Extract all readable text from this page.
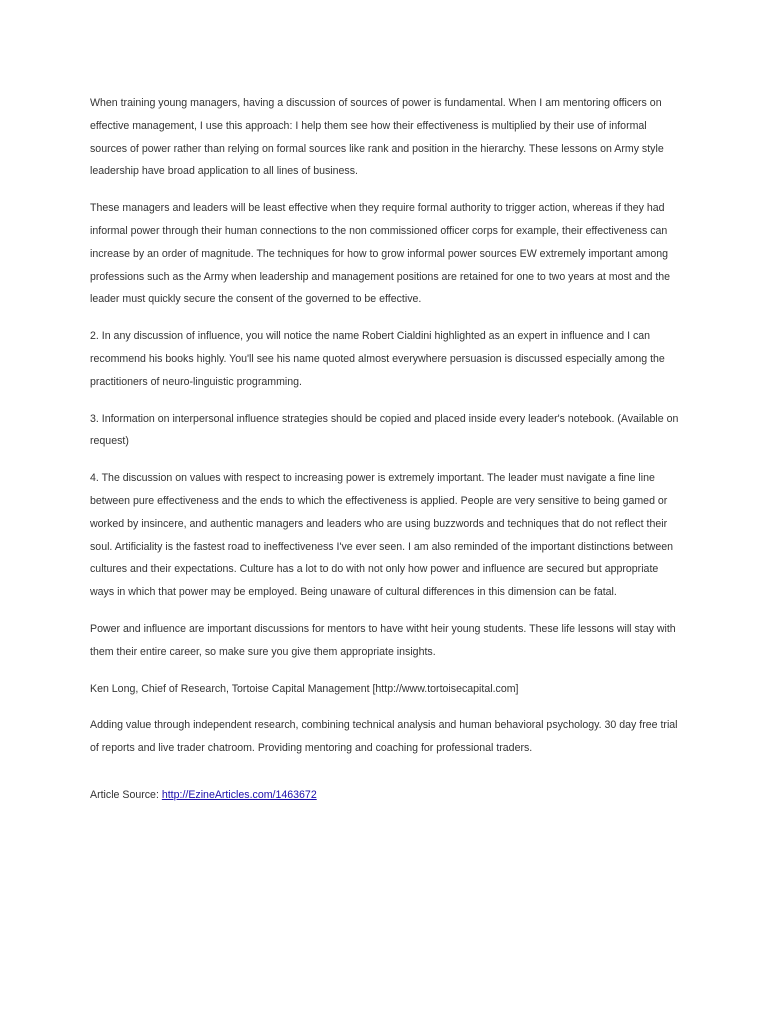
When training young managers, having a discussion of sources of power is fundamental. When I am mentoring officers on effective management, I use this approach: I help them see how their effectiveness is multiplied by their use of informal sources of power rather than relying on formal sources like rank and position in the hierarchy. These lessons on Army style leadership have broad application to all lines of business.

These managers and leaders will be least effective when they require formal authority to trigger action, whereas if they had informal power through their human connections to the non commissioned officer corps for example, their effectiveness can increase by an order of magnitude. The techniques for how to grow informal power sources EW extremely important among professions such as the Army when leadership and management positions are retained for one to two years at most and the leader must quickly secure the consent of the governed to be effective.

2. In any discussion of influence, you will notice the name Robert Cialdini highlighted as an expert in influence and I can recommend his books highly. You'll see his name quoted almost everywhere persuasion is discussed especially among the practitioners of neuro-linguistic programming.

3. Information on interpersonal influence strategies should be copied and placed inside every leader's notebook. (Available on request)

4. The discussion on values with respect to increasing power is extremely important. The leader must navigate a fine line between pure effectiveness and the ends to which the effectiveness is applied. People are very sensitive to being gamed or worked by insincere, and authentic managers and leaders who are using buzzwords and techniques that do not reflect their soul. Artificiality is the fastest road to ineffectiveness I've ever seen. I am also reminded of the important distinctions between cultures and their expectations. Culture has a lot to do with not only how power and influence are secured but appropriate ways in which that power may be employed. Being unaware of cultural differences in this dimension can be fatal.

Power and influence are important discussions for mentors to have witht heir young students. These life lessons will stay with them their entire career, so make sure you give them appropriate insights.

Ken Long, Chief of Research, Tortoise Capital Management [http://www.tortoisecapital.com]

Adding value through independent research, combining technical analysis and human behavioral psychology. 30 day free trial of reports and live trader chatroom. Providing mentoring and coaching for professional traders.

Article Source: http://EzineArticles.com/1463672
